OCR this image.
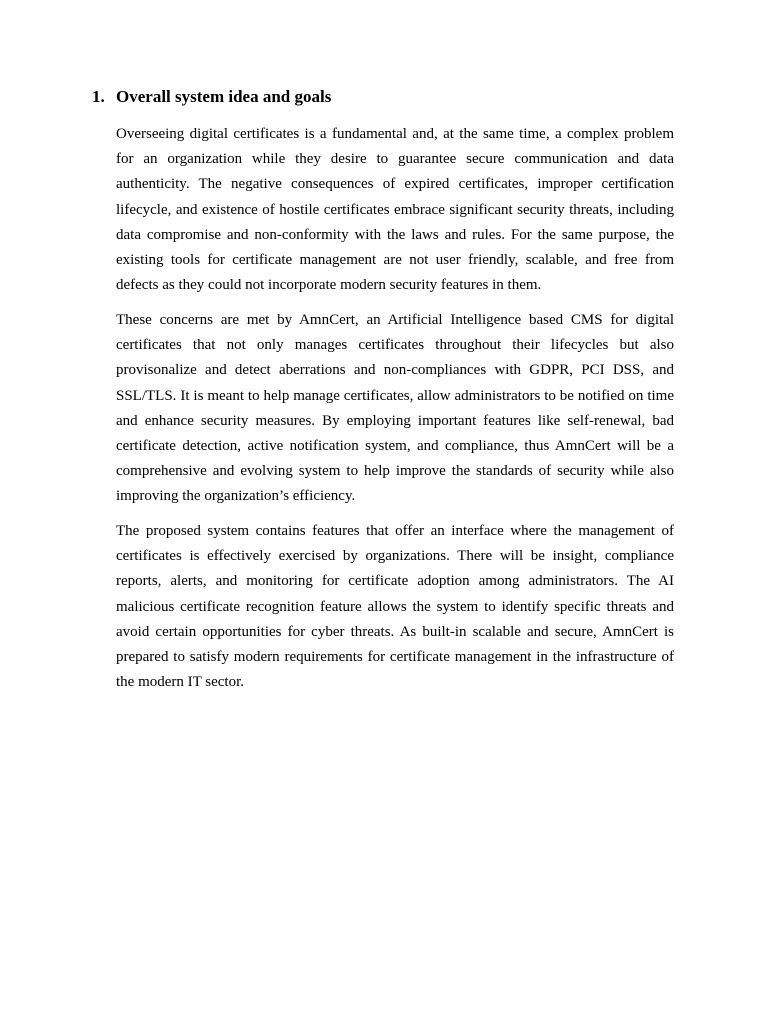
1. Overall system idea and goals

Overseeing digital certificates is a fundamental and, at the same time, a complex problem for an organization while they desire to guarantee secure communication and data authenticity. The negative consequences of expired certificates, improper certification lifecycle, and existence of hostile certificates embrace significant security threats, including data compromise and non-conformity with the laws and rules. For the same purpose, the existing tools for certificate management are not user friendly, scalable, and free from defects as they could not incorporate modern security features in them.

These concerns are met by AmnCert, an Artificial Intelligence based CMS for digital certificates that not only manages certificates throughout their lifecycles but also provisonalize and detect aberrations and non-compliances with GDPR, PCI DSS, and SSL/TLS. It is meant to help manage certificates, allow administrators to be notified on time and enhance security measures. By employing important features like self-renewal, bad certificate detection, active notification system, and compliance, thus AmnCert will be a comprehensive and evolving system to help improve the standards of security while also improving the organization’s efficiency.

The proposed system contains features that offer an interface where the management of certificates is effectively exercised by organizations. There will be insight, compliance reports, alerts, and monitoring for certificate adoption among administrators. The AI malicious certificate recognition feature allows the system to identify specific threats and avoid certain opportunities for cyber threats. As built-in scalable and secure, AmnCert is prepared to satisfy modern requirements for certificate management in the infrastructure of the modern IT sector.
